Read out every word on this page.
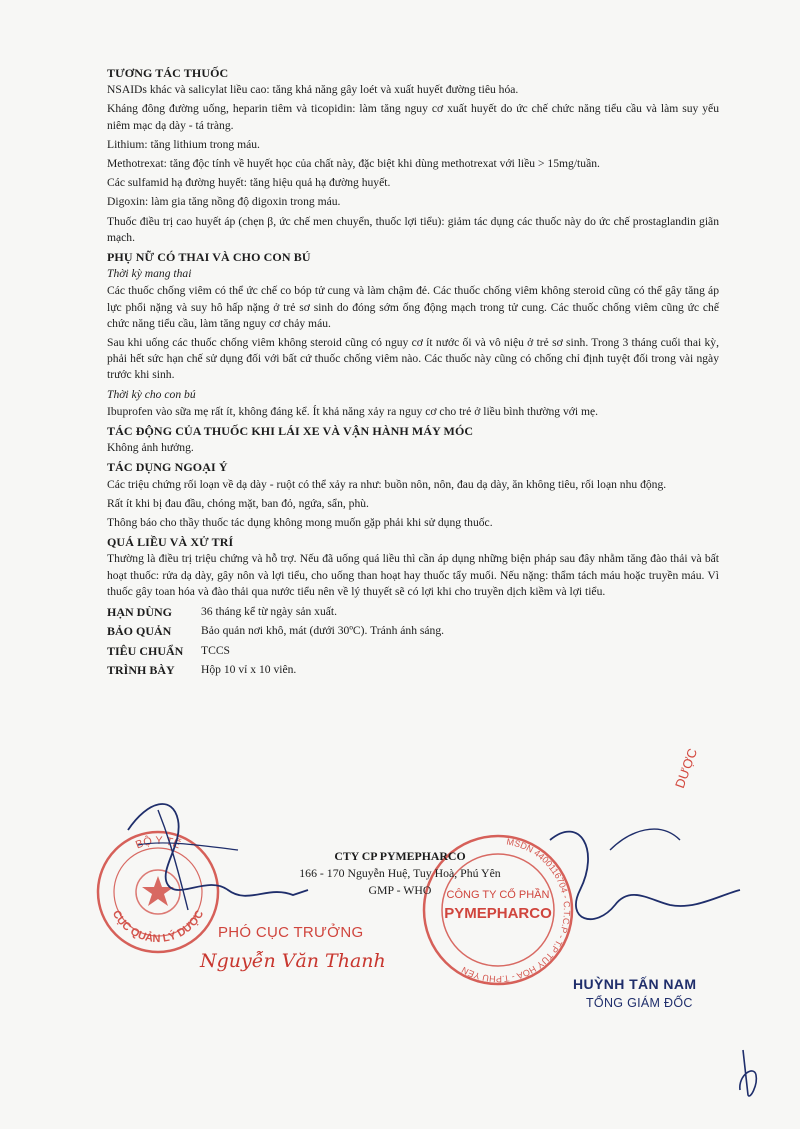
TƯƠNG TÁC THUỐC
NSAIDs khác và salicylat liều cao: tăng khả năng gây loét và xuất huyết đường tiêu hóa.
Kháng đông đường uống, heparin tiêm và ticopidin: làm tăng nguy cơ xuất huyết do ức chế chức năng tiểu cầu và làm suy yếu niêm mạc dạ dày - tá tràng.
Lithium: tăng lithium trong máu.
Methotrexat: tăng độc tính về huyết học của chất này, đặc biệt khi dùng methotrexat với liều > 15mg/tuần.
Các sulfamid hạ đường huyết: tăng hiệu quả hạ đường huyết.
Digoxin: làm gia tăng nồng độ digoxin trong máu.
Thuốc điều trị cao huyết áp (chẹn β, ức chế men chuyển, thuốc lợi tiểu): giảm tác dụng các thuốc này do ức chế prostaglandin giãn mạch.
PHỤ NỮ CÓ THAI VÀ CHO CON BÚ
Thời kỳ mang thai
Các thuốc chống viêm có thể ức chế co bóp tử cung và làm chậm đẻ. Các thuốc chống viêm không steroid cũng có thể gây tăng áp lực phổi nặng và suy hô hấp nặng ở trẻ sơ sinh do đóng sớm ống động mạch trong tử cung. Các thuốc chống viêm cũng ức chế chức năng tiểu cầu, làm tăng nguy cơ chảy máu.
Sau khi uống các thuốc chống viêm không steroid cũng có nguy cơ ít nước ối và vô niệu ở trẻ sơ sinh. Trong 3 tháng cuối thai kỳ, phải hết sức hạn chế sử dụng đối với bất cứ thuốc chống viêm nào. Các thuốc này cũng có chống chỉ định tuyệt đối trong vài ngày trước khi sinh.
Thời kỳ cho con bú
Ibuprofen vào sữa mẹ rất ít, không đáng kể. Ít khả năng xảy ra nguy cơ cho trẻ ở liều bình thường với mẹ.
TÁC ĐỘNG CỦA THUỐC KHI LÁI XE VÀ VẬN HÀNH MÁY MÓC
Không ảnh hưởng.
TÁC DỤNG NGOẠI Ý
Các triệu chứng rối loạn về dạ dày - ruột có thể xảy ra như: buồn nôn, nôn, đau dạ dày, ăn không tiêu, rối loạn nhu động.
Rất ít khi bị đau đầu, chóng mặt, ban đỏ, ngứa, sẩn, phù.
Thông báo cho thầy thuốc tác dụng không mong muốn gặp phải khi sử dụng thuốc.
QUÁ LIỀU VÀ XỬ TRÍ
Thường là điều trị triệu chứng và hỗ trợ. Nếu đã uống quá liều thì cần áp dụng những biện pháp sau đây nhằm tăng đào thải và bất hoạt thuốc: rửa dạ dày, gây nôn và lợi tiểu, cho uống than hoạt hay thuốc tẩy muối. Nếu nặng: thẩm tách máu hoặc truyền máu. Vì thuốc gây toan hóa và đào thải qua nước tiểu nên về lý thuyết sẽ có lợi khi cho truyền dịch kiềm và lợi tiểu.
HẠN DÙNG	36 tháng kể từ ngày sản xuất.
BẢO QUẢN	Bảo quản nơi khô, mát (dưới 30ºC). Tránh ánh sáng.
TIÊU CHUẨN	TCCS
TRÌNH BÀY	Hộp 10 vỉ x 10 viên.
BỘ Y TẾ
CỤC QUẢN LÝ DƯỢC
MSDN 4400116704 - C.T.C.P - T.P TUY HÒA - T.PHÚ YÊN
CÔNG TY CỔ PHẦN
PYMEPHARCO
DƯỢC
CTY CP PYMEPHARCO
166 - 170 Nguyễn Huệ, Tuy Hoà, Phú Yên
GMP - WHO
PHÓ CỤC TRƯỞNG
Nguyễn Văn Thanh
HUỲNH TẤN NAM
TỔNG GIÁM ĐỐC
